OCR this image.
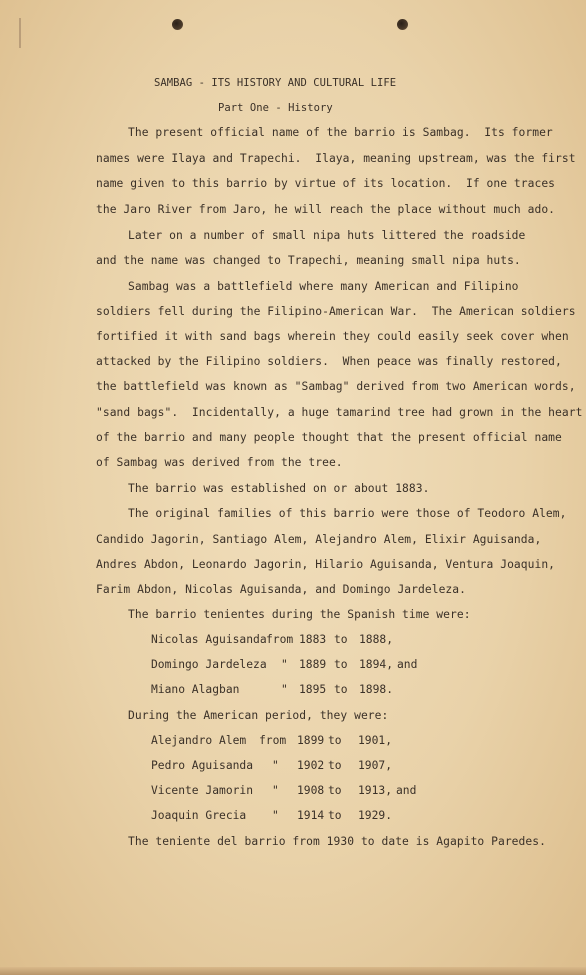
SAMBAG - ITS HISTORY AND CULTURAL LIFE
Part One - History
The present official name of the barrio is Sambag.  Its former
names were Ilaya and Trapechi.  Ilaya, meaning upstream, was the first
name given to this barrio by virtue of its location.  If one traces
the Jaro River from Jaro, he will reach the place without much ado.
Later on a number of small nipa huts littered the roadside
and the name was changed to Trapechi, meaning small nipa huts.
Sambag was a battlefield where many American and Filipino
soldiers fell during the Filipino-American War.  The American soldiers
fortified it with sand bags wherein they could easily seek cover when
attacked by the Filipino soldiers.  When peace was finally restored,
the battlefield was known as "Sambag" derived from two American words,
"sand bags".  Incidentally, a huge tamarind tree had grown in the heart
of the barrio and many people thought that the present official name
of Sambag was derived from the tree.
The barrio was established on or about 1883.
The original families of this barrio were those of Teodoro Alem,
Candido Jagorin, Santiago Alem, Alejandro Alem, Elixir Aguisanda,
Andres Abdon, Leonardo Jagorin, Hilario Aguisanda, Ventura Joaquin,
Farim Abdon, Nicolas Aguisanda, and Domingo Jardeleza.
The barrio tenientes during the Spanish time were:
Nicolas Aguisanda from 1883 to 1888,
Domingo Jardeleza " 1889 to 1894, and
Miano Alagban	" 1895 to 1898.
During the American period, they were:
Alejandro Alem from 1899 to 1901,
Pedro Aguisanda " 1902 to 1907,
Vicente Jamorin " 1908 to 1913, and
Joaquin Grecia " 1914 to 1929.
The teniente del barrio from 1930 to date is Agapito Paredes.
